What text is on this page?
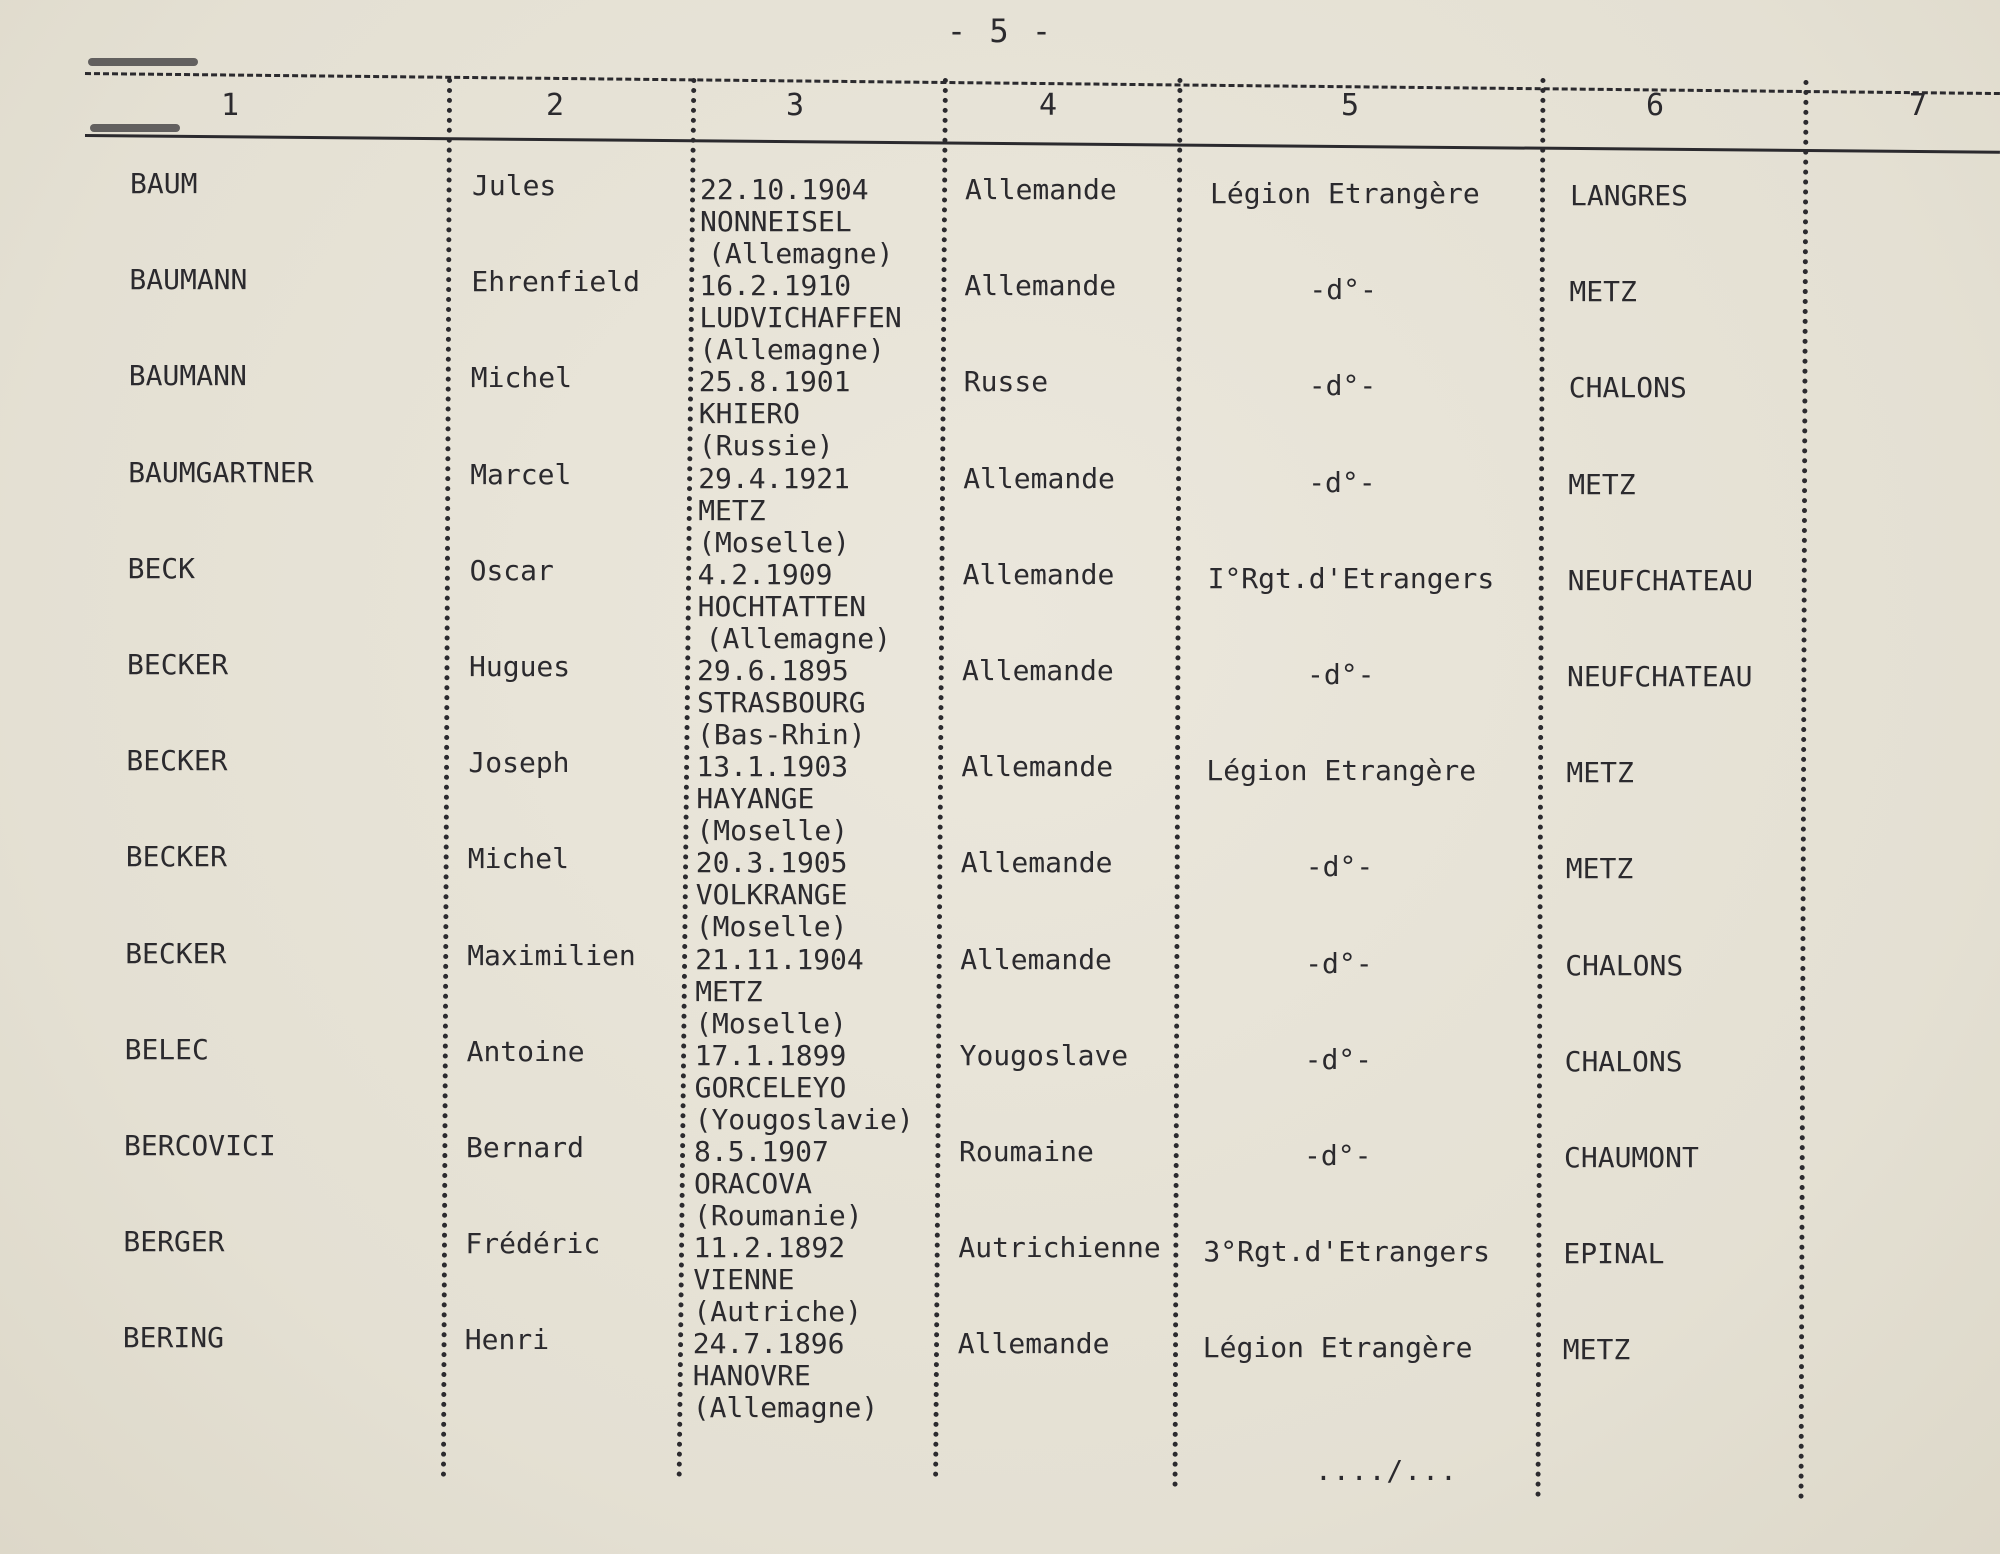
- 5 -
1	2	3	4	5	6	7
BAUM	Jules	22.10.1904
NONNEISEL
(Allemagne)
Allemande	Légion Etrangère	LANGRES
BAUMANN	Ehrenfield 16.2.1910
LUDVICHAFFEN
(Allemagne)
Allemande	-d°-	METZ
BAUMANN	Michel	25.8.1901
KHIERO
(Russie)
Russe	-d°-	CHALONS
BAUMGARTNER	Marcel	29.4.1921
METZ
(Moselle)
Allemande	-d°-	METZ
BECK	Oscar	4.2.1909
HOCHTATTEN
(Allemagne)
Allemande	I°Rgt.d'Etrangers	NEUFCHATEAU
BECKER	Hugues	29.6.1895
STRASBOURG
(Bas-Rhin)
Allemande	-d°-	NEUFCHATEAU
BECKER	Joseph	13.1.1903
HAYANGE
(Moselle)
Allemande	Légion Etrangère	METZ
BECKER	Michel	20.3.1905
VOLKRANGE
(Moselle)
Allemande	-d°-	METZ
BECKER	Maximilien 21.11.1904
METZ
(Moselle)
Allemande	-d°-	CHALONS
BELEC	Antoine	17.1.1899
GORCELEYO
(Yougoslavie)
Yougoslave	-d°-	CHALONS
BERCOVICI	Bernard	8.5.1907
ORACOVA
(Roumanie)
Roumaine	-d°-	CHAUMONT
BERGER	Frédéric	11.2.1892
VIENNE
(Autriche)
Autrichienne 3°Rgt.d'Etrangers	EPINAL
BERING	Henri	24.7.1896
HANOVRE
(Allemagne)
Allemande	Légion Etrangère	METZ
..../...
